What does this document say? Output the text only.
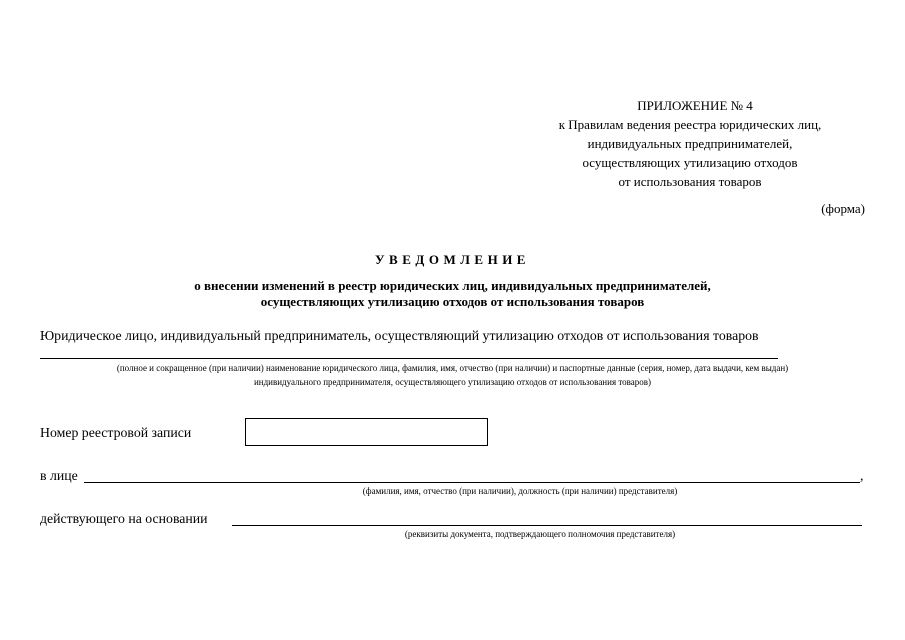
ПРИЛОЖЕНИЕ № 4
к Правилам ведения реестра юридических лиц,
индивидуальных предпринимателей,
осуществляющих утилизацию отходов
от использования товаров
(форма)
УВЕДОМЛЕНИЕ
о внесении изменений в реестр юридических лиц, индивидуальных предпринимателей,
осуществляющих утилизацию отходов от использования товаров
Юридическое лицо, индивидуальный предприниматель, осуществляющий утилизацию отходов от использования товаров
(полное и сокращенное (при наличии) наименование юридического лица, фамилия, имя, отчество (при наличии) и паспортные данные (серия, номер, дата выдачи, кем выдан)
индивидуального предпринимателя, осуществляющего утилизацию отходов от использования товаров)
Номер реестровой записи
в лице	,
(фамилия, имя, отчество (при наличии), должность (при наличии) представителя)
действующего на основании
(реквизиты документа, подтверждающего полномочия представителя)
